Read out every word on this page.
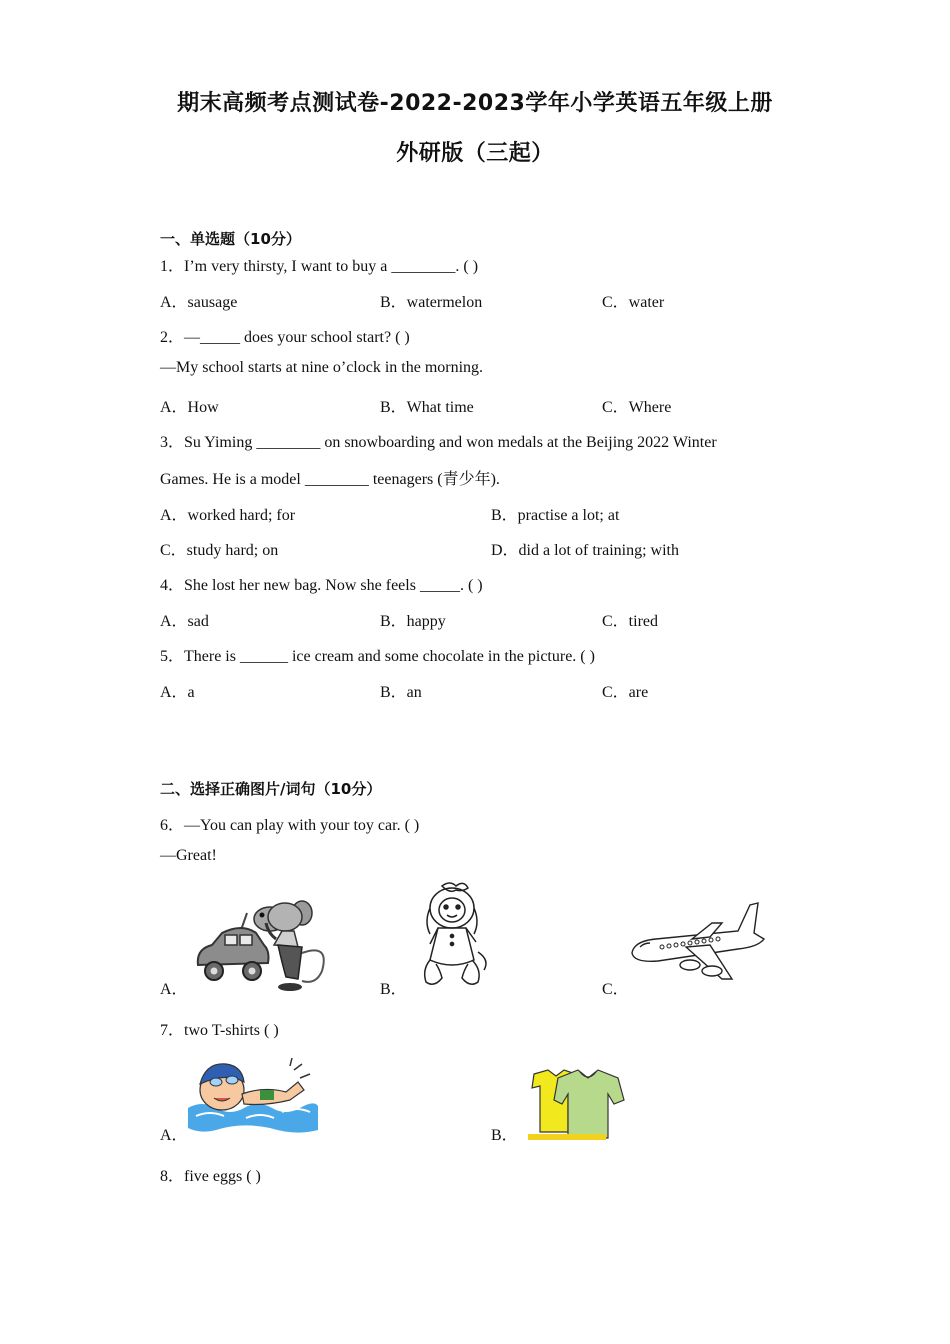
期末高频考点测试卷-2022-2023学年小学英语五年级上册
外研版（三起）
一、单选题（10分）
1．I’m very thirsty, I want to buy a ________. ( )
A．sausage	B．watermelon	C．water
2．—_____ does your school start? ( )
—My school starts at nine o’clock in the morning.
A．How	B．What time	C．Where
3．Su Yiming ________ on snowboarding and won medals at the Beijing 2022 Winter
Games. He is a model ________ teenagers (青少年).
A．worked hard; for	B．practise a lot; at
C．study hard; on	D．did a lot of training; with
4．She lost her new bag. Now she feels _____. ( )
A．sad	B．happy	C．tired
5．There is ______ ice cream and some chocolate in the picture. ( )
A．a	B．an	C．are
二、选择正确图片/词句（10分）
6．—You can play with your toy car. ( )
—Great!
A．	B．	C．
7．two T-shirts ( )
A．	B．
8．five eggs ( )
